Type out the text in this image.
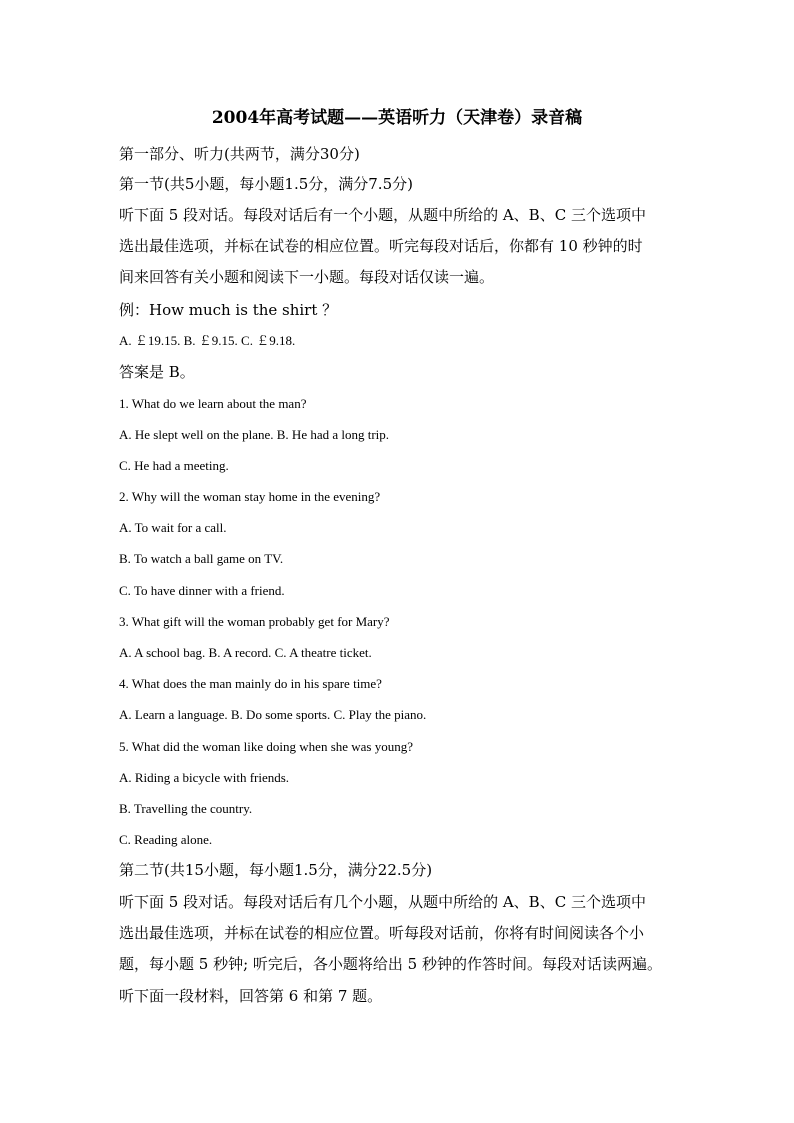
2004年高考试题——英语听力（天津卷）录音稿
第一部分、听力(共两节，满分30分)
第一节(共5小题，每小题1.5分，满分7.5分)
听下面 5 段对话。每段对话后有一个小题，从题中所给的 A、B、C 三个选项中
选出最佳选项，并标在试卷的相应位置。听完每段对话后，你都有 10 秒钟的时
间来回答有关小题和阅读下一小题。每段对话仅读一遍。
例：How much is the shirt ？
A. ￡19.15. B. ￡9.15. C. ￡9.18.
答案是 B。
1. What do we learn about the man?
A. He slept well on the plane. B. He had a long trip.
C. He had a meeting.
2. Why will the woman stay home in the evening?
A. To wait for a call.
B. To watch a ball game on TV.
C. To have dinner with a friend.
3. What gift will the woman probably get for Mary?
A. A school bag. B. A record. C. A theatre ticket.
4. What does the man mainly do in his spare time?
A. Learn a language. B. Do some sports. C. Play the piano.
5. What did the woman like doing when she was young?
A. Riding a bicycle with friends.
B. Travelling the country.
C. Reading alone.
第二节(共15小题，每小题1.5分，满分22.5分)
听下面 5 段对话。每段对话后有几个小题，从题中所给的 A、B、C 三个选项中
选出最佳选项，并标在试卷的相应位置。听每段对话前，你将有时间阅读各个小
题，每小题 5 秒钟; 听完后，各小题将给出 5 秒钟的作答时间。每段对话读两遍。
听下面一段材料，回答第 6 和第 7 题。
